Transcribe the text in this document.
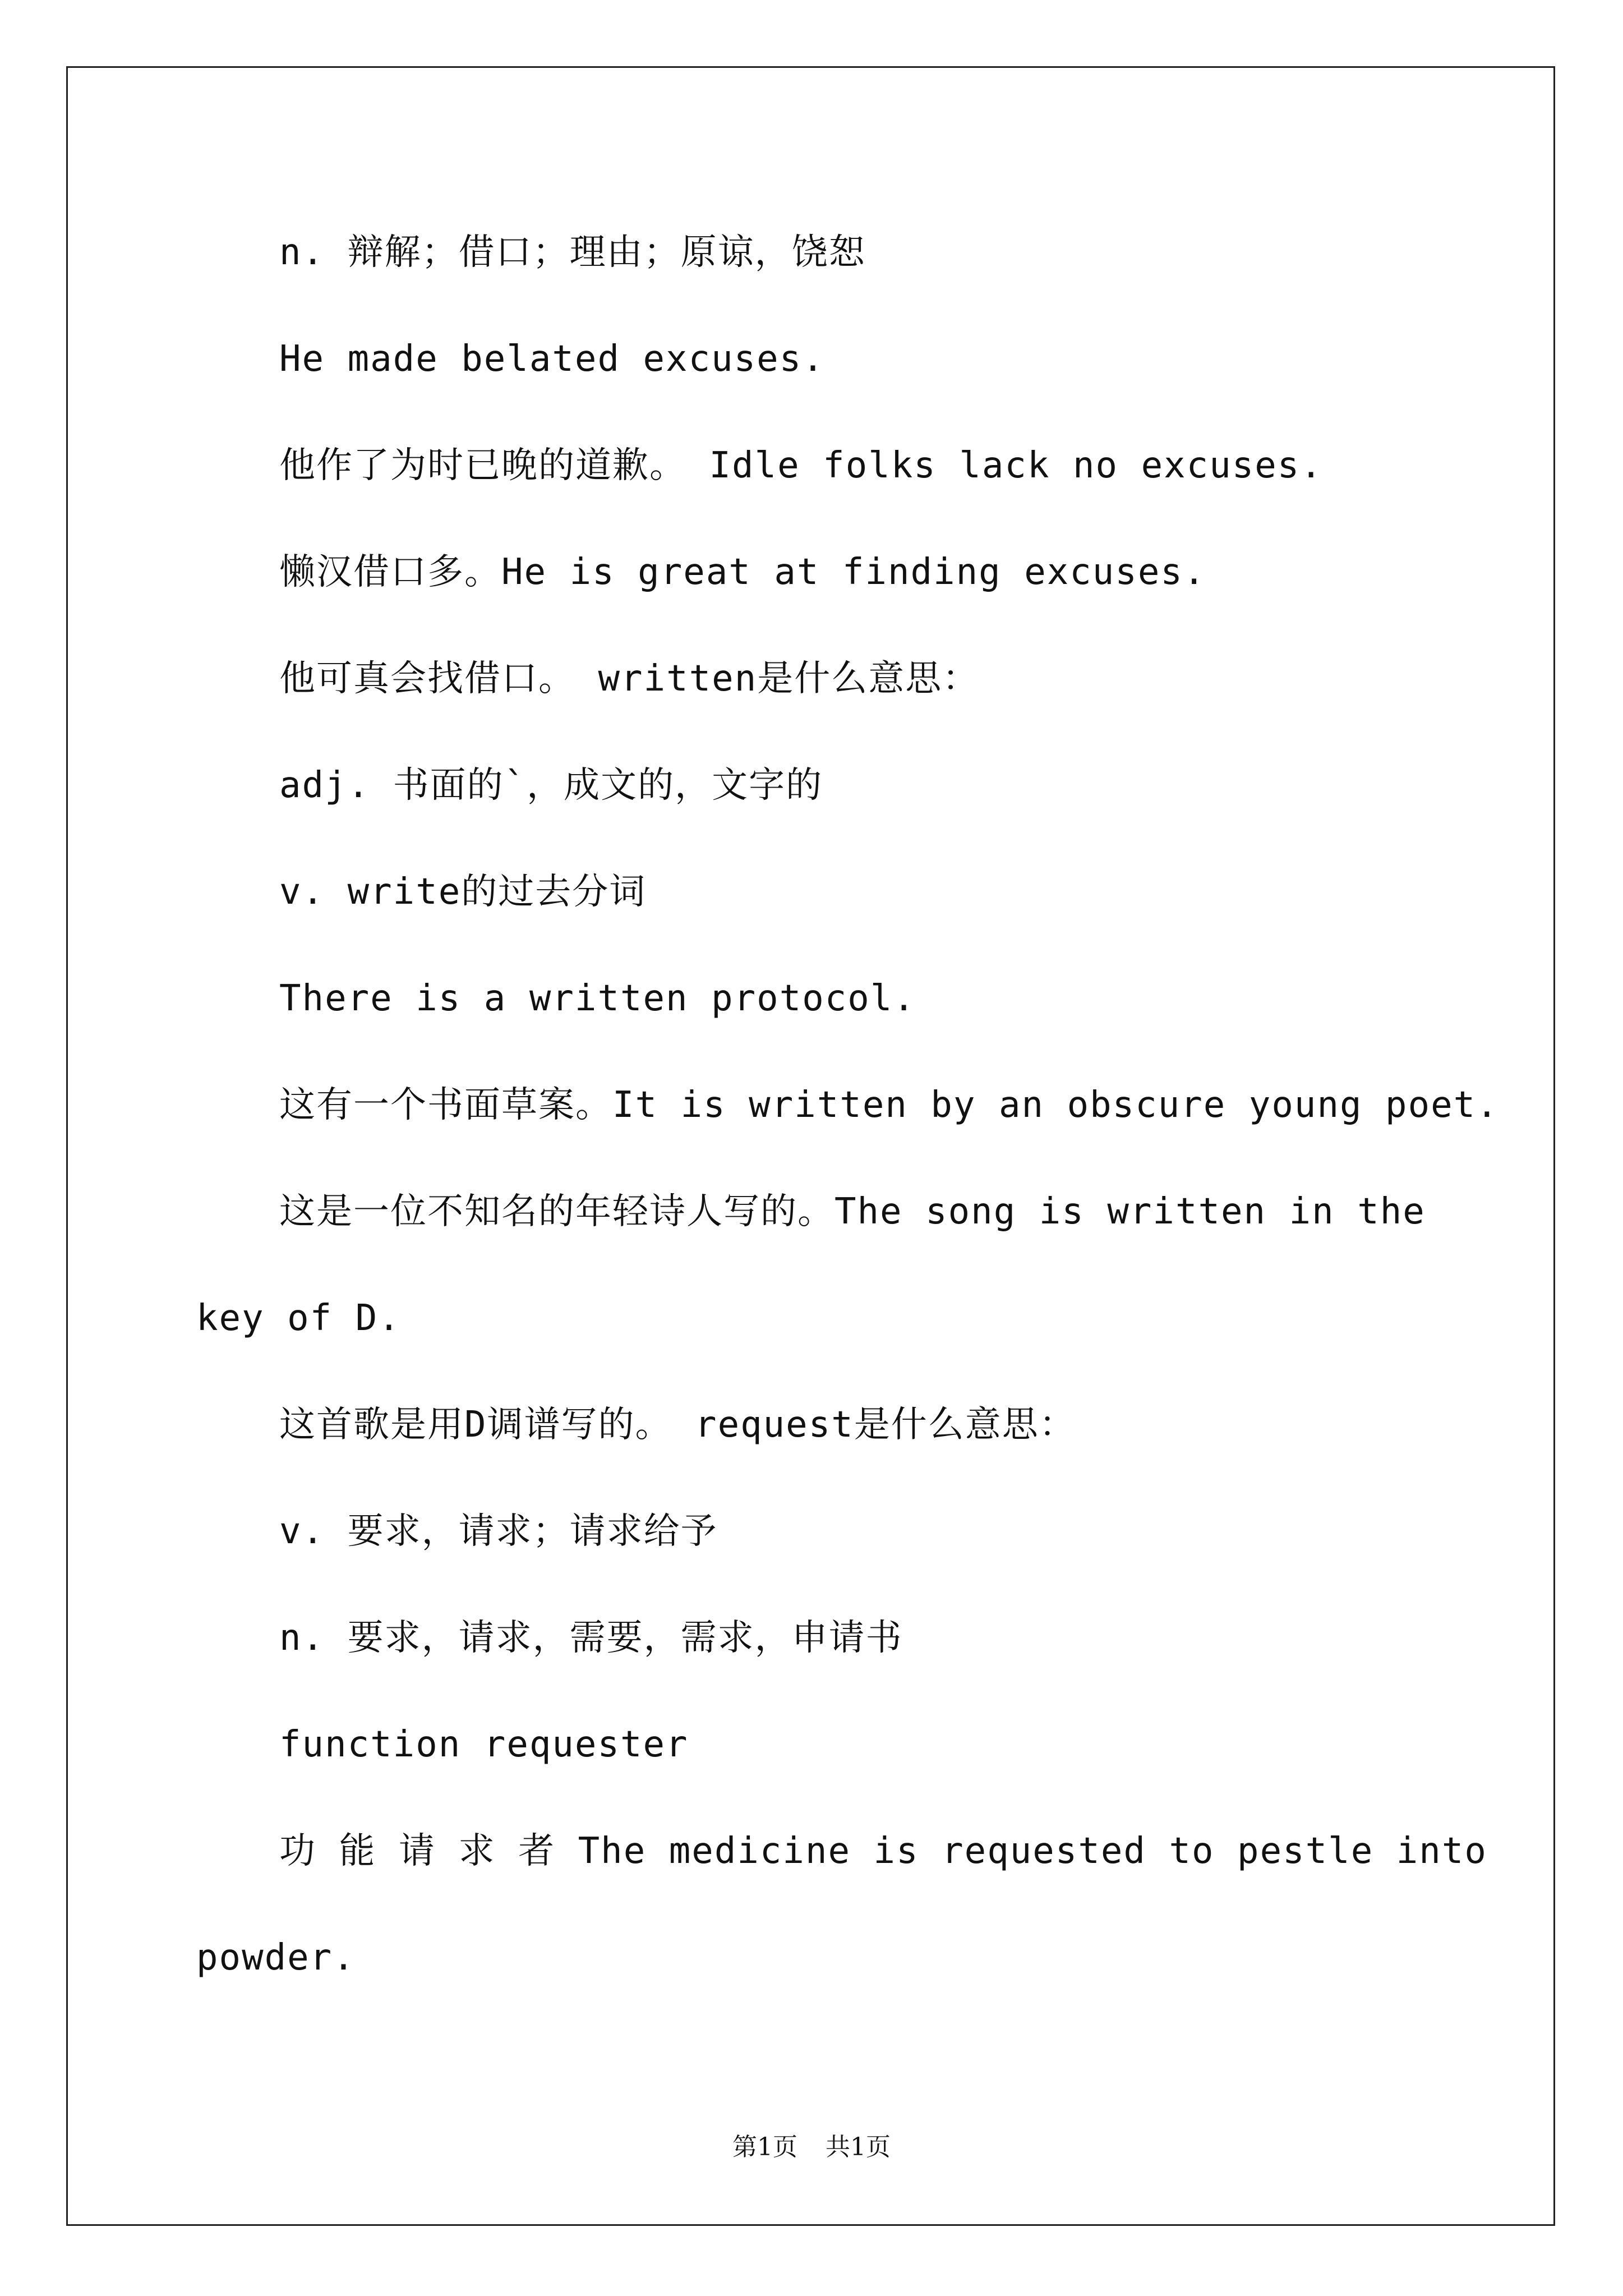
n. 辩解；借口；理由；原谅，饶恕
He made belated excuses.
他作了为时已晚的道歉。 Idle folks lack no excuses.
懒汉借口多。He is great at finding excuses.
他可真会找借口。 written是什么意思：
adj. 书面的`，成文的，文字的
v. write的过去分词
There is a written protocol.
这有一个书面草案。It is written by an obscure young poet.
这是一位不知名的年轻诗人写的。The song is written in the
key of D.
这首歌是用D调谱写的。 request是什么意思：
v. 要求，请求；请求给予
n. 要求，请求，需要，需求，申请书
function requester
功 能 请 求 者 The medicine is requested to pestle into
powder.
第1页 共1页
